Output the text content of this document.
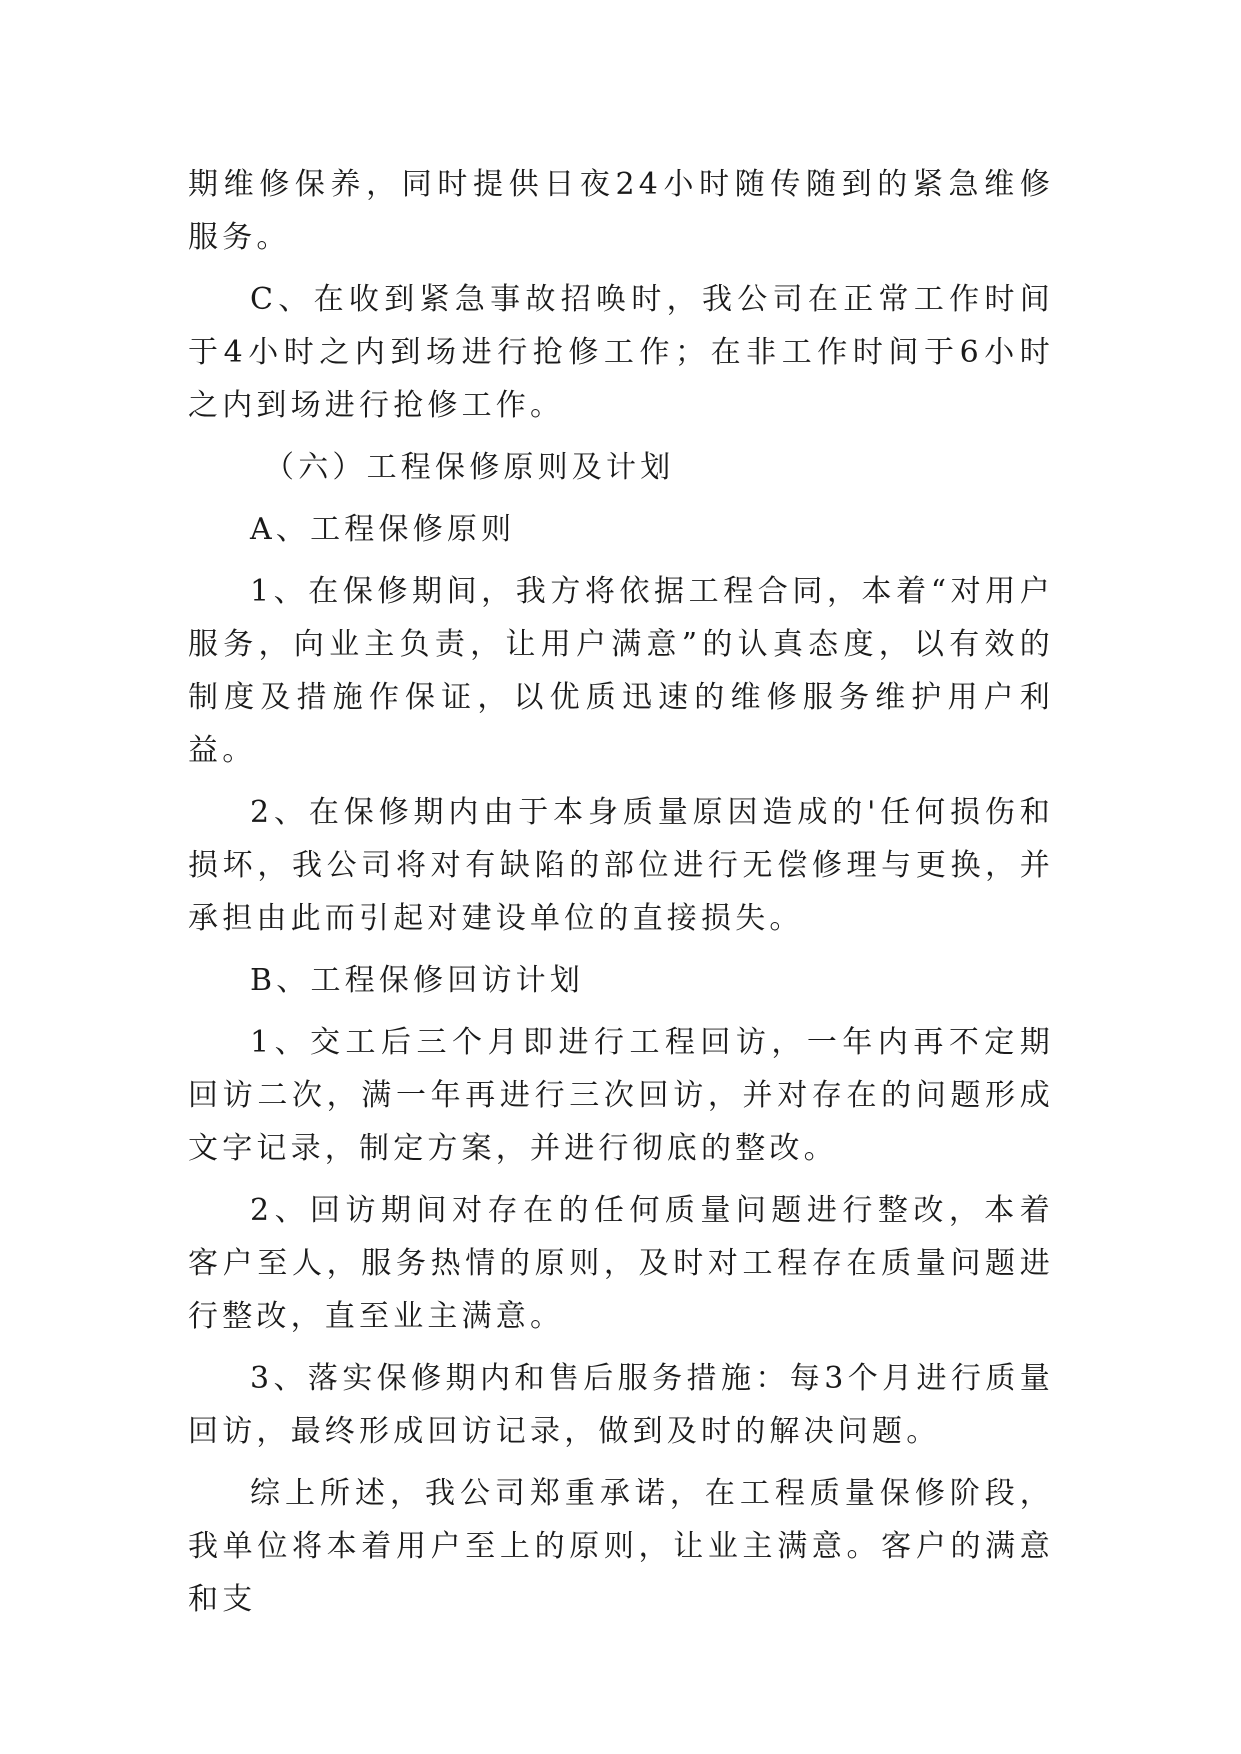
期维修保养，同时提供日夜24小时随传随到的紧急维修服务。

C、在收到紧急事故招唤时，我公司在正常工作时间于4小时之内到场进行抢修工作；在非工作时间于6小时之内到场进行抢修工作。

（六）工程保修原则及计划

A、工程保修原则

1、在保修期间，我方将依据工程合同，本着“对用户服务，向业主负责，让用户满意”的认真态度，以有效的制度及措施作保证，以优质迅速的维修服务维护用户利益。

2、在保修期内由于本身质量原因造成的'任何损伤和损坏，我公司将对有缺陷的部位进行无偿修理与更换，并承担由此而引起对建设单位的直接损失。

B、工程保修回访计划

1、交工后三个月即进行工程回访，一年内再不定期回访二次，满一年再进行三次回访，并对存在的问题形成文字记录，制定方案，并进行彻底的整改。

2、回访期间对存在的任何质量问题进行整改，本着客户至人，服务热情的原则，及时对工程存在质量问题进行整改，直至业主满意。

3、落实保修期内和售后服务措施：每3个月进行质量回访，最终形成回访记录，做到及时的解决问题。

综上所述，我公司郑重承诺，在工程质量保修阶段，我单位将本着用户至上的原则，让业主满意。客户的满意和支
